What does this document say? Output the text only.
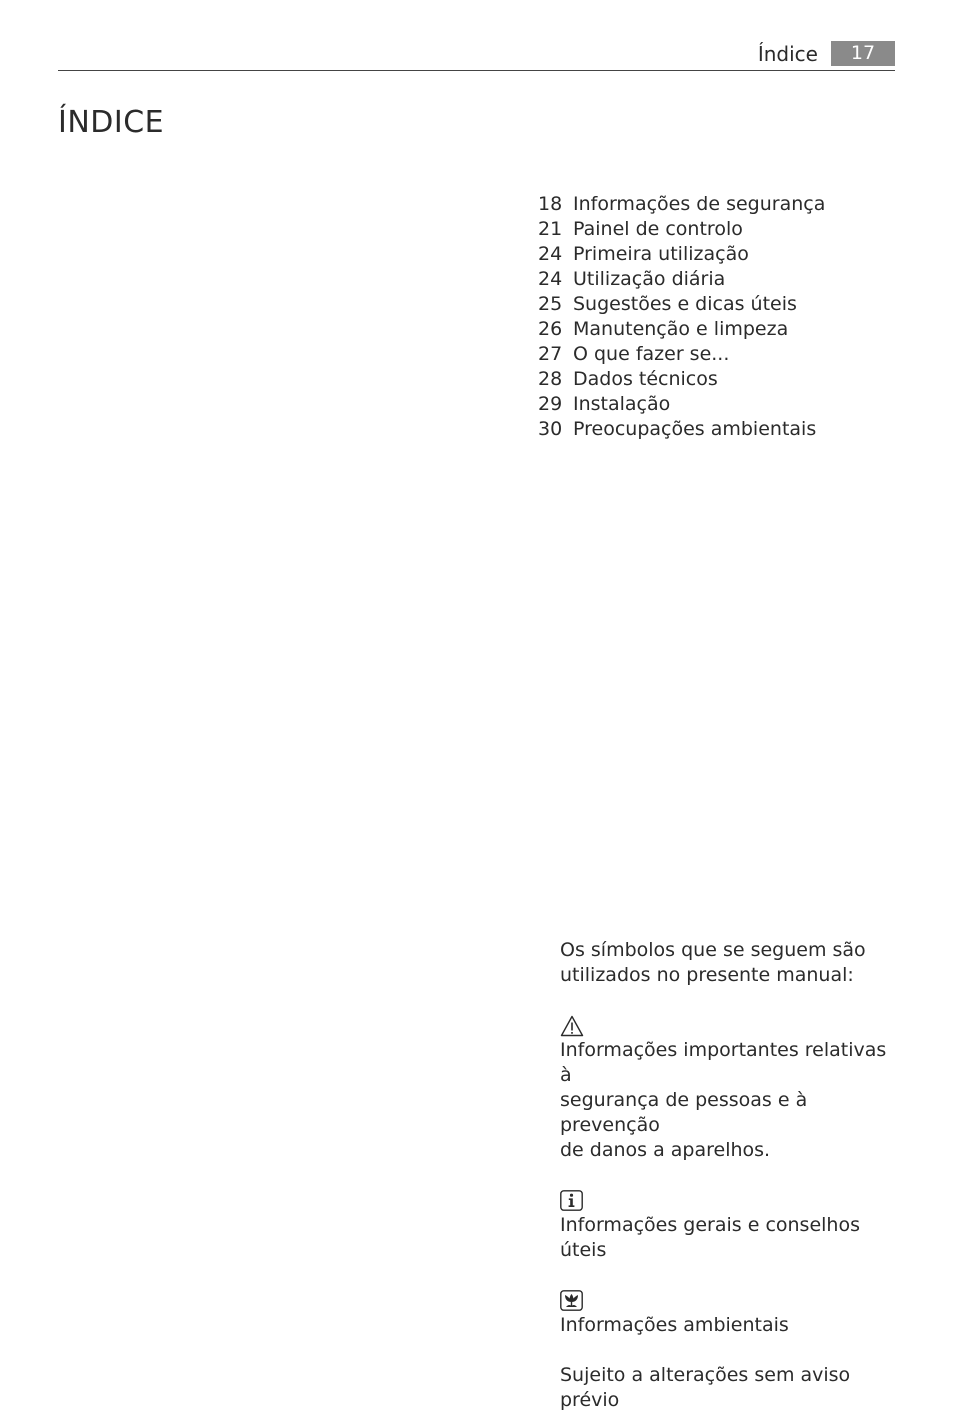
Índice	17
ÍNDICE
18 Informações de segurança
21 Painel de controlo
24 Primeira utilização
24 Utilização diária
25 Sugestões e dicas úteis
26 Manutenção e limpeza
27 O que fazer se...
28 Dados técnicos
29 Instalação
30 Preocupações ambientais

Os símbolos que se seguem são

utilizados no presente manual:

Informações importantes relativas à

segurança de pessoas e à prevenção

de danos a aparelhos.

Informações gerais e conselhos úteis

Informações ambientais

Sujeito a alterações sem aviso prévio
